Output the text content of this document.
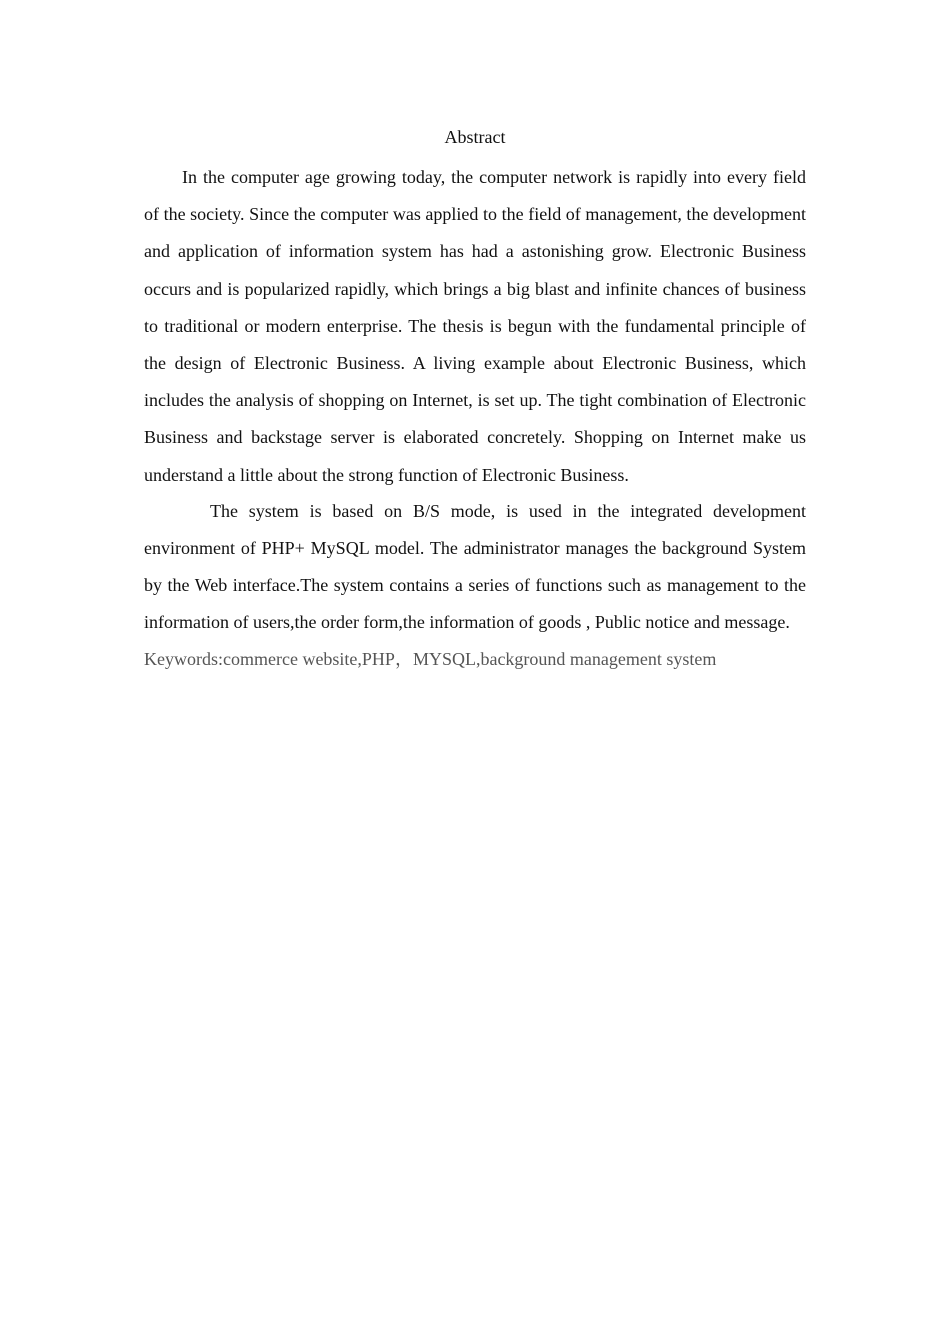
Abstract

In the computer age growing today, the computer network is rapidly into every field of the society. Since the computer was applied to the field of management, the development and application of information system has had a astonishing grow. Electronic Business occurs and is popularized rapidly, which brings a big blast and infinite chances of business to traditional or modern enterprise. The thesis is begun with the fundamental principle of the design of Electronic Business. A living example about Electronic Business, which includes the analysis of shopping on Internet, is set up. The tight combination of Electronic Business and backstage server is elaborated concretely. Shopping on Internet make us understand a little about the strong function of Electronic Business.

The system is based on B/S mode, is used in the integrated development environment of PHP+ MySQL model. The administrator manages the background System by the Web interface.The system contains a series of functions such as management to the information of users,the order form,the information of goods , Public notice and message.

Keywords:commerce website,PHP，MYSQL,background management system
